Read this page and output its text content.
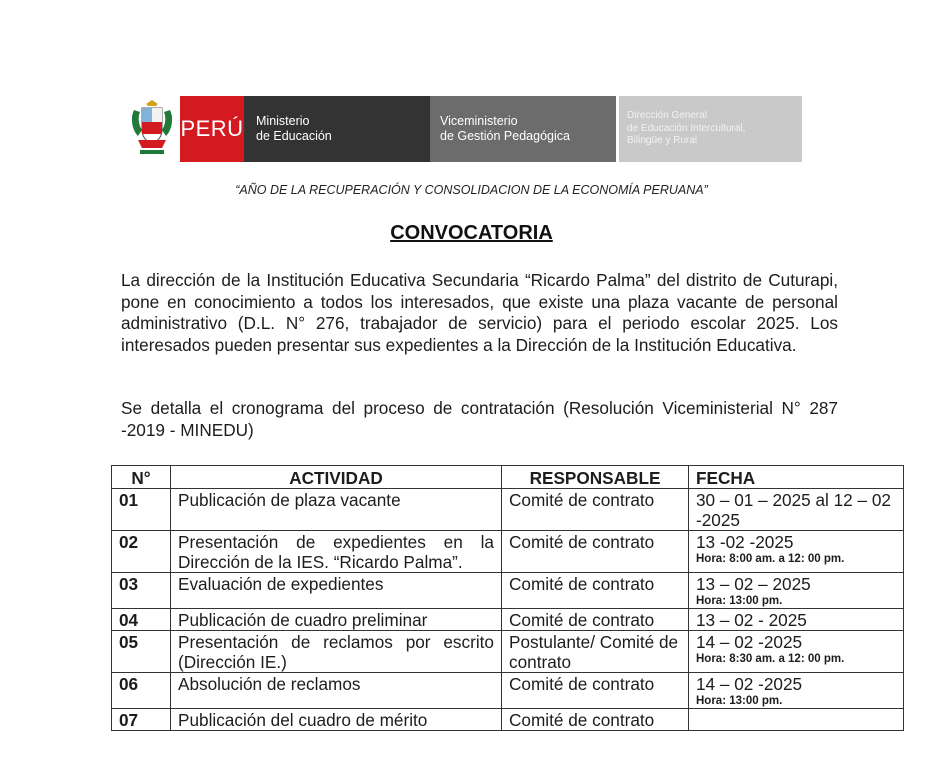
PERÚ Ministerio
de Educación
Viceministerio
de Gestión Pedagógica
Dirección General
de Educación Intercultural,
Bilingüe y Rural
“AÑO DE LA RECUPERACIÓN Y CONSOLIDACION DE LA ECONOMÍA PERUANA”
CONVOCATORIA
La dirección de la Institución Educativa Secundaria “Ricardo Palma” del distrito de Cuturapi, pone en conocimiento a todos los interesados, que existe una plaza vacante de personal administrativo (D.L. N° 276, trabajador de servicio) para el periodo escolar 2025. Los interesados pueden presentar sus expedientes a la Dirección de la Institución Educativa.
Se detalla el cronograma del proceso de contratación (Resolución Viceministerial N° 287 -2019 - MINEDU)
N°	ACTIVIDAD	RESPONSABLE	FECHA
01	Publicación de plaza vacante	Comité de contrato	30 – 01 – 2025 al 12 – 02 -2025

02	Presentación de expedientes en la Dirección de la IES. “Ricardo Palma”.	Comité de contrato	13 -02 -2025
Hora: 8:00 am. a 12: 00 pm.

03	Evaluación de expedientes	Comité de contrato	13 – 02 – 2025
Hora: 13:00 pm.

04	Publicación de cuadro preliminar	Comité de contrato	13 – 02 - 2025

05	Presentación de reclamos por escrito (Dirección IE.)	Postulante/ Comité de contrato	14 – 02 -2025
Hora: 8:30 am. a 12: 00 pm.

06	Absolución de reclamos	Comité de contrato	14 – 02 -2025
Hora: 13:00 pm.

07	Publicación del cuadro de mérito	Comité de contrato	
